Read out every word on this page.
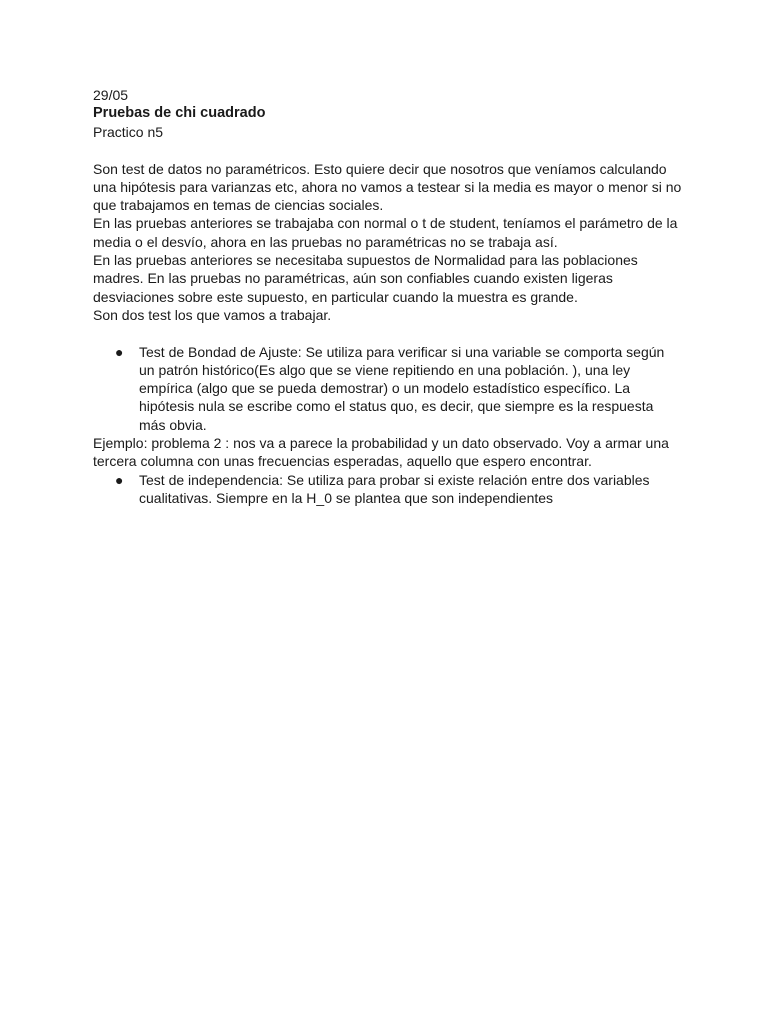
29/05

Pruebas de chi cuadrado

Practico n5

Son test de datos no paramétricos. Esto quiere decir que nosotros que veníamos calculando una hipótesis para varianzas etc, ahora no vamos a testear si la media es mayor o menor si no que trabajamos en temas de ciencias sociales.

En las pruebas anteriores se trabajaba con normal o t de student, teníamos el parámetro de la media o el desvío, ahora en las pruebas no paramétricas no se trabaja así.

En las pruebas anteriores se necesitaba supuestos de Normalidad para las poblaciones madres. En las pruebas no paramétricas, aún son confiables cuando existen ligeras desviaciones sobre este supuesto, en particular cuando la muestra es grande.

Son dos test los que vamos a trabajar.

● Test de Bondad de Ajuste: Se utiliza para verificar si una variable se comporta según un patrón histórico(Es algo que se viene repitiendo en una población. ), una ley empírica (algo que se pueda demostrar) o un modelo estadístico específico. La hipótesis nula se escribe como el status quo, es decir, que siempre es la respuesta más obvia.

Ejemplo: problema 2 : nos va a parece la probabilidad y un dato observado. Voy a armar una tercera columna con unas frecuencias esperadas, aquello que espero encontrar.

● Test de independencia: Se utiliza para probar si existe relación entre dos variables cualitativas. Siempre en la H_0 se plantea que son independientes
